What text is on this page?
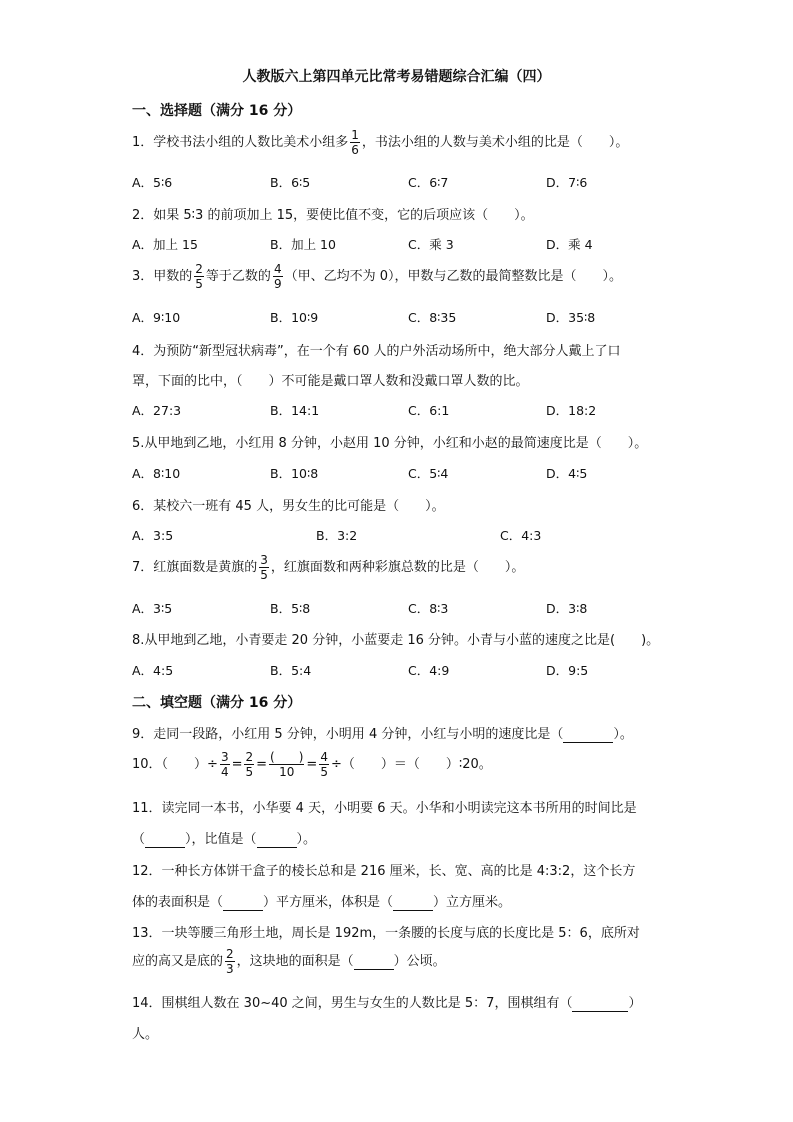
人教版六上第四单元比常考易错题综合汇编（四）
一、选择题（满分 16 分）
1．学校书法小组的人数比美术小组多 $\frac{1}{6}$ ，书法小组的人数与美术小组的比是（　　）。
A．5∶6	B．6∶5	C．6∶7	D．7∶6
2．如果 5∶3 的前项加上 15，要使比值不变，它的后项应该（　　）。
A．加上 15	B．加上 10	C．乘 3	D．乘 4
3．甲数的 $\frac{2}{5}$ 等于乙数的 $\frac{4}{9}$ （甲、乙均不为 0），甲数与乙数的最简整数比是（　　）。
A．9∶10	B．10∶9	C．8∶35	D．35∶8
4．为预防“新型冠状病毒”，在一个有 60 人的户外活动场所中，绝大部分人戴上了口
罩，下面的比中，（　　）不可能是戴口罩人数和没戴口罩人数的比。
A．27:3	B．14:1	C．6:1	D．18:2
5.从甲地到乙地，小红用 8 分钟，小赵用 10 分钟，小红和小赵的最简速度比是（　　）。
A．8∶10	B．10∶8	C．5∶4	D．4∶5
6．某校六一班有 45 人，男女生的比可能是（　　）。
A．3:5	B．3:2	C．4:3
7．红旗面数是黄旗的 $\frac{3}{5}$ ，红旗面数和两种彩旗总数的比是（　　）。
A．3∶5	B．5∶8	C．8∶3	D．3∶8
8.从甲地到乙地，小青要走 20 分钟，小蓝要走 16 分钟。小青与小蓝的速度之比是(　　)。
A．4:5	B．5:4	C．4:9	D．9:5
二、填空题（满分 16 分）
9．走同一段路，小红用 5 分钟，小明用 4 分钟，小红与小明的速度比是（	）。
10．（　　）÷ $\frac{3}{4} = \frac{2}{5} = \frac{( )}{10} = \frac{4}{5}$ ÷（　　）＝（　　）∶20。
11．读完同一本书，小华要 4 天，小明要 6 天。小华和小明读完这本书所用的时间比是
（	），比值是（	）。
12．一种长方体饼干盒子的棱长总和是 216 厘米，长、宽、高的比是 4:3:2，这个长方
体的表面积是（	）平方厘米，体积是（	）立方厘米。
13．一块等腰三角形土地，周长是 192m，一条腰的长度与底的长度比是 5：6，底所对
应的高又是底的 $\frac{2}{3}$ ，这块地的面积是（	）公顷。
14．围棋组人数在 30~40 之间，男生与女生的人数比是 5：7，围棋组有（	）
人。
